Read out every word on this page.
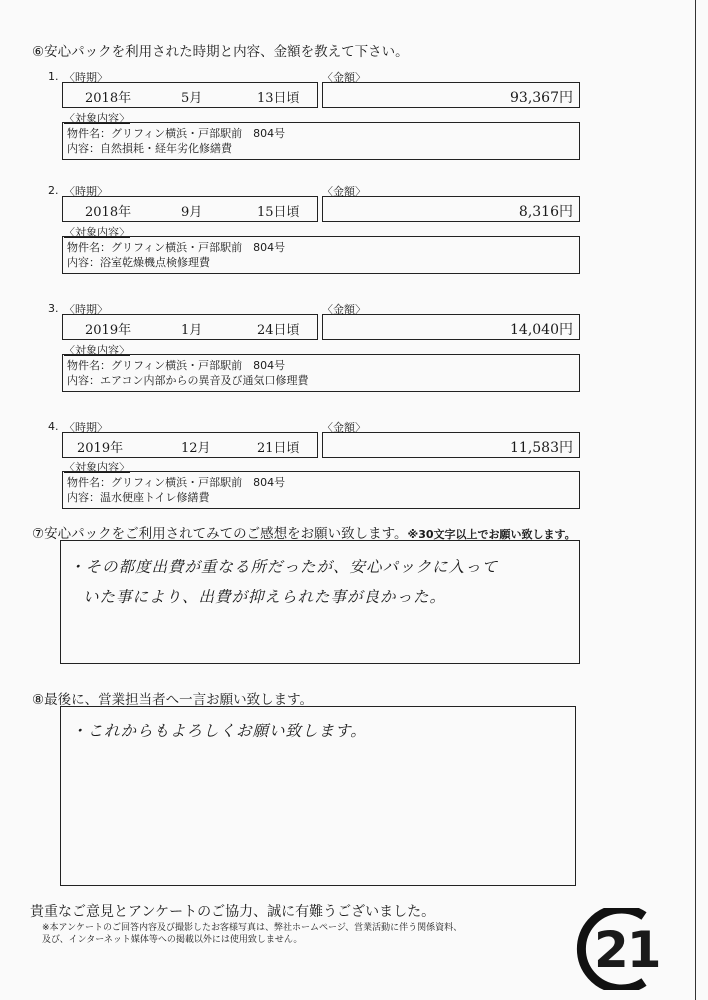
⑥安心パックを利用された時期と内容、金額を教えて下さい。
1. 〈時期〉	〈金額〉
2018年	5月	13日頃	93,367円
〈対象内容〉
物件名：グリフィン横浜・戸部駅前　804号
内容：自然損耗・経年劣化修繕費
2. 〈時期〉	〈金額〉
2018年	9月	15日頃	8,316円
〈対象内容〉
物件名：グリフィン横浜・戸部駅前　804号
内容：浴室乾燥機点検修理費
3. 〈時期〉	〈金額〉
2019年	1月	24日頃	14,040円
〈対象内容〉
物件名：グリフィン横浜・戸部駅前　804号
内容：エアコン内部からの異音及び通気口修理費
4. 〈時期〉	〈金額〉
2019年	12月	21日頃	11,583円
〈対象内容〉
物件名：グリフィン横浜・戸部駅前　804号
内容：温水便座トイレ修繕費
⑦安心パックをご利用されてみてのご感想をお願い致します。※30文字以上でお願い致します。
・その都度出費が重なる所だったが、安心パックに入って
いた事により、出費が抑えられた事が良かった。
⑧最後に、営業担当者へ一言お願い致します。
・これからもよろしくお願い致します。
貴重なご意見とアンケートのご協力、誠に有難うございました。
※本アンケートのご回答内容及び撮影したお客様写真は、弊社ホームページ、営業活動に伴う関係資料、
及び、インターネット媒体等への掲載以外には使用致しません。	21
